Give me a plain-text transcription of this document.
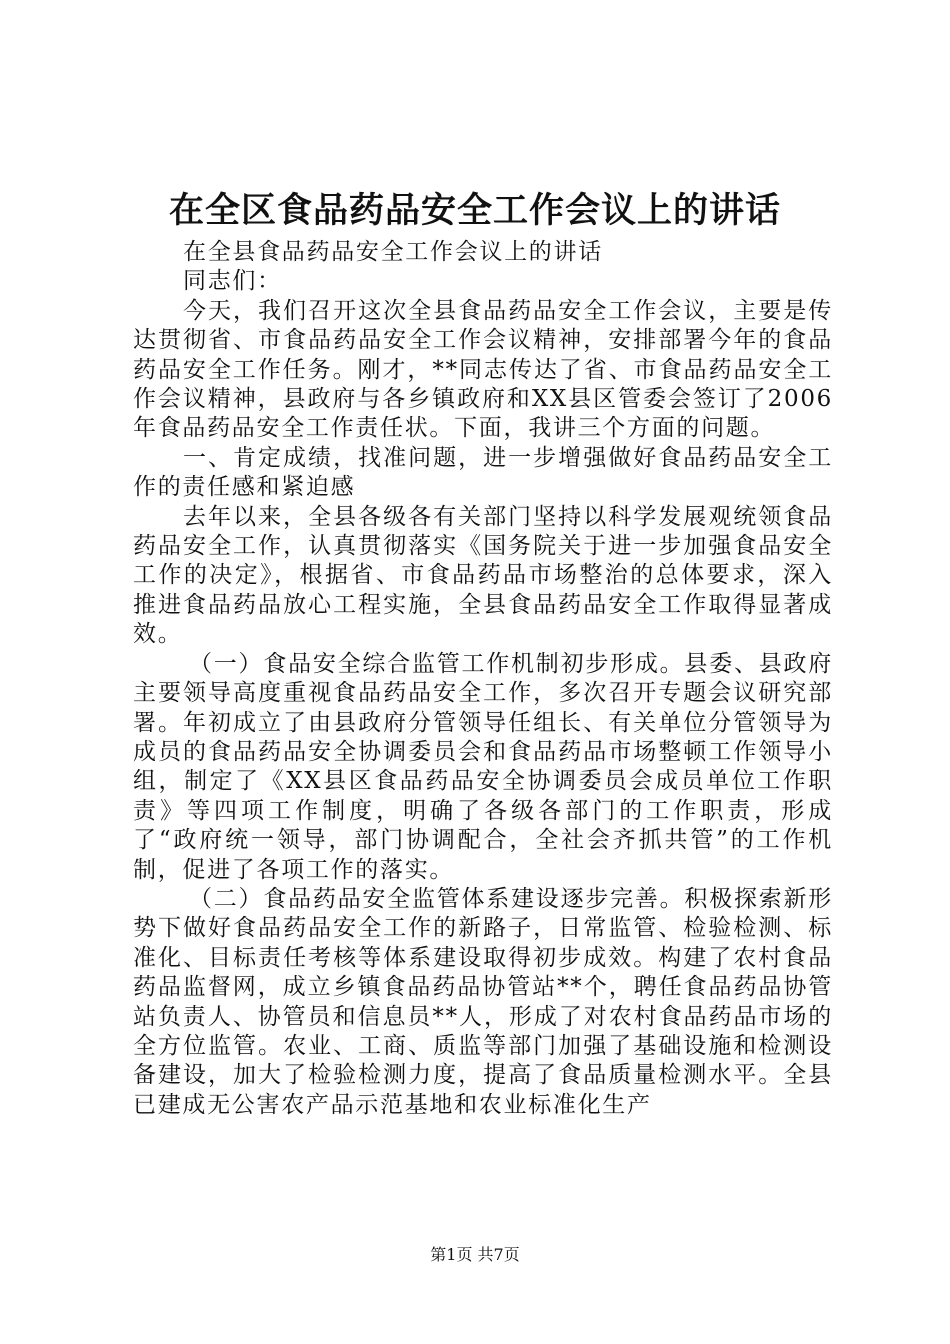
在全区食品药品安全工作会议上的讲话

在全县食品药品安全工作会议上的讲话

同志们：

今天，我们召开这次全县食品药品安全工作会议，主要是传达贯彻省、市食品药品安全工作会议精神，安排部署今年的食品药品安全工作任务。刚才，**同志传达了省、市食品药品安全工作会议精神，县政府与各乡镇政府和XX县区管委会签订了2006年食品药品安全工作责任状。下面，我讲三个方面的问题。

一、肯定成绩，找准问题，进一步增强做好食品药品安全工作的责任感和紧迫感

去年以来，全县各级各有关部门坚持以科学发展观统领食品药品安全工作，认真贯彻落实《国务院关于进一步加强食品安全工作的决定》，根据省、市食品药品市场整治的总体要求，深入推进食品药品放心工程实施，全县食品药品安全工作取得显著成效。

（一）食品安全综合监管工作机制初步形成。县委、县政府主要领导高度重视食品药品安全工作，多次召开专题会议研究部署。年初成立了由县政府分管领导任组长、有关单位分管领导为成员的食品药品安全协调委员会和食品药品市场整顿工作领导小组，制定了《XX县区食品药品安全协调委员会成员单位工作职责》等四项工作制度，明确了各级各部门的工作职责，形成了“政府统一领导，部门协调配合，全社会齐抓共管”的工作机制，促进了各项工作的落实。

（二）食品药品安全监管体系建设逐步完善。积极探索新形势下做好食品药品安全工作的新路子，日常监管、检验检测、标准化、目标责任考核等体系建设取得初步成效。构建了农村食品药品监督网，成立乡镇食品药品协管站**个，聘任食品药品协管站负责人、协管员和信息员**人，形成了对农村食品药品市场的全方位监管。农业、工商、质监等部门加强了基础设施和检测设备建设，加大了检验检测力度，提高了食品质量检测水平。全县已建成无公害农产品示范基地和农业标准化生产

第1页 共7页
